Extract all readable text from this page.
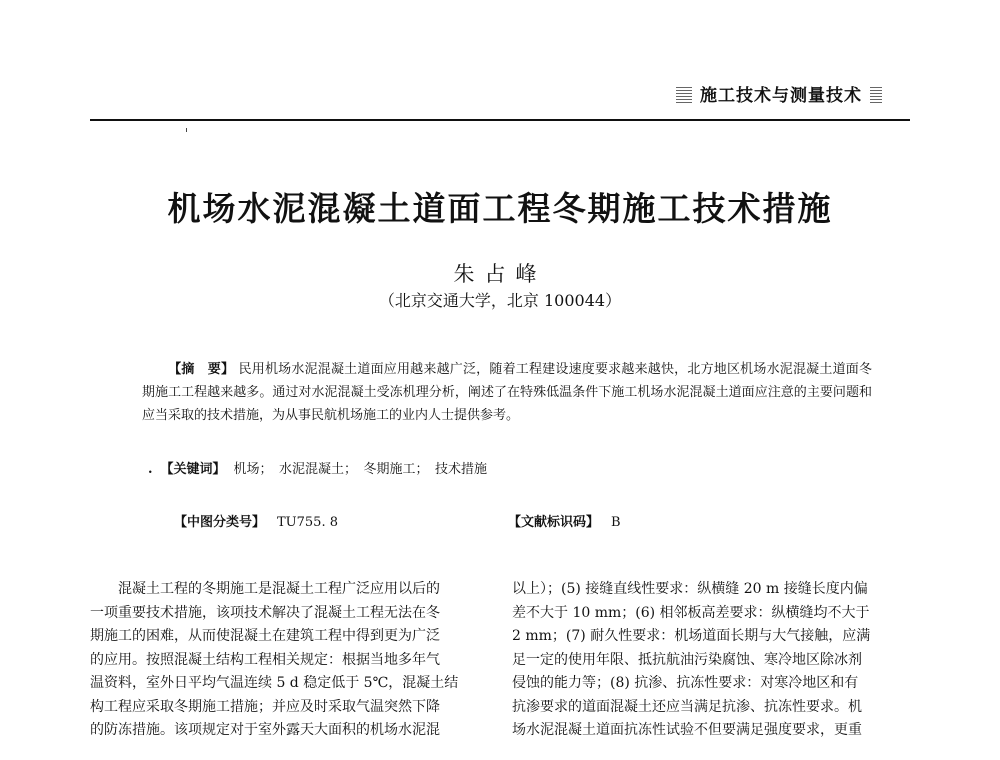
施工技术与测量技术
机场水泥混凝土道面工程冬期施工技术措施
朱占峰
（北京交通大学，北京 100044）
【摘　要】 民用机场水泥混凝土道面应用越来越广泛，随着工程建设速度要求越来越快，北方地区机场水泥混凝土道面冬期施工工程越来越多。通过对水泥混凝土受冻机理分析，阐述了在特殊低温条件下施工机场水泥混凝土道面应注意的主要问题和应当采取的技术措施，为从事民航机场施工的业内人士提供参考。
. 【关键词】 机场；　水泥混凝土；　冬期施工；　技术措施
【中图分类号】 TU755. 8	【文献标识码】 B
混凝土工程的冬期施工是混凝土工程广泛应用以后的
一项重要技术措施，该项技术解决了混凝土工程无法在冬
期施工的困难，从而使混凝土在建筑工程中得到更为广泛
的应用。按照混凝土结构工程相关规定：根据当地多年气
温资料，室外日平均气温连续 5 d 稳定低于 5℃，混凝土结
构工程应采取冬期施工措施；并应及时采取气温突然下降
的防冻措施。该项规定对于室外露天大面积的机场水泥混
以上）；(5) 接缝直线性要求：纵横缝 20 m 接缝长度内偏
差不大于 10 mm；(6) 相邻板高差要求：纵横缝均不大于
2 mm；(7) 耐久性要求：机场道面长期与大气接触，应满
足一定的使用年限、抵抗航油污染腐蚀、寒冷地区除冰剂
侵蚀的能力等；(8) 抗渗、抗冻性要求：对寒冷地区和有
抗渗要求的道面混凝土还应当满足抗渗、抗冻性要求。机
场水泥混凝土道面抗冻性试验不但要满足强度要求，更重
